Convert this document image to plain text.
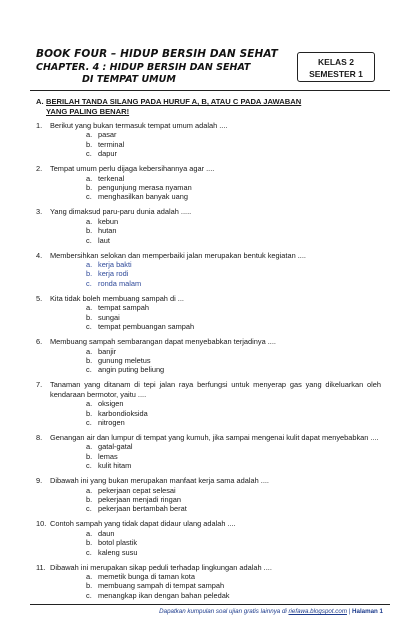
BOOK FOUR – HIDUP BERSIH DAN SEHAT
CHAPTER. 4 : HIDUP BERSIH DAN SEHAT
DI TEMPAT UMUM
KELAS 2
SEMESTER 1
A. BERILAH TANDA SILANG PADA HURUF A, B, ATAU C PADA JAWABAN
YANG PALING BENAR!
1.	Berikut yang bukan termasuk tempat umum adalah ....
a. pasar
b. terminal
c. dapur
2.	Tempat umum perlu dijaga kebersihannya agar ....
a. terkenal
b. pengunjung merasa nyaman
c. menghasilkan banyak uang
3.	Yang dimaksud paru-paru dunia adalah .....
a. kebun
b. hutan
c. laut
4.	Membersihkan selokan dan memperbaiki jalan merupakan bentuk kegiatan ....
a. kerja bakti
b. kerja rodi
c. ronda malam
5.	Kita tidak boleh membuang sampah di ...
a. tempat sampah
b. sungai
c. tempat pembuangan sampah
6.	Membuang sampah sembarangan dapat menyebabkan terjadinya ....
a. banjir
b. gunung meletus
c. angin puting beliung
7.	Tanaman yang ditanam di tepi jalan raya berfungsi untuk menyerap gas yang dikeluarkan oleh kendaraan bermotor, yaitu ....
a. oksigen
b. karbondioksida
c. nitrogen
8.	Genangan air dan lumpur di tempat yang kumuh, jika sampai mengenai kulit dapat menyebabkan ....
a. gatal-gatal
b. lemas
c. kulit hitam
9.	Dibawah ini yang bukan merupakan manfaat kerja sama adalah ....
a. pekerjaan cepat selesai
b. pekerjaan menjadi ringan
c. pekerjaan bertambah berat
10. Contoh sampah yang tidak dapat didaur ulang adalah ....
a. daun
b. botol plastik
c. kaleng susu
11. Dibawah ini merupakan sikap peduli terhadap lingkungan adalah ....
a. memetik bunga di taman kota
b. membuang sampah di tempat sampah
c. menangkap ikan dengan bahan peledak
Dapatkan kumpulan soal ujian gratis lainnya di riefawa.blogspot.com | Halaman 1
